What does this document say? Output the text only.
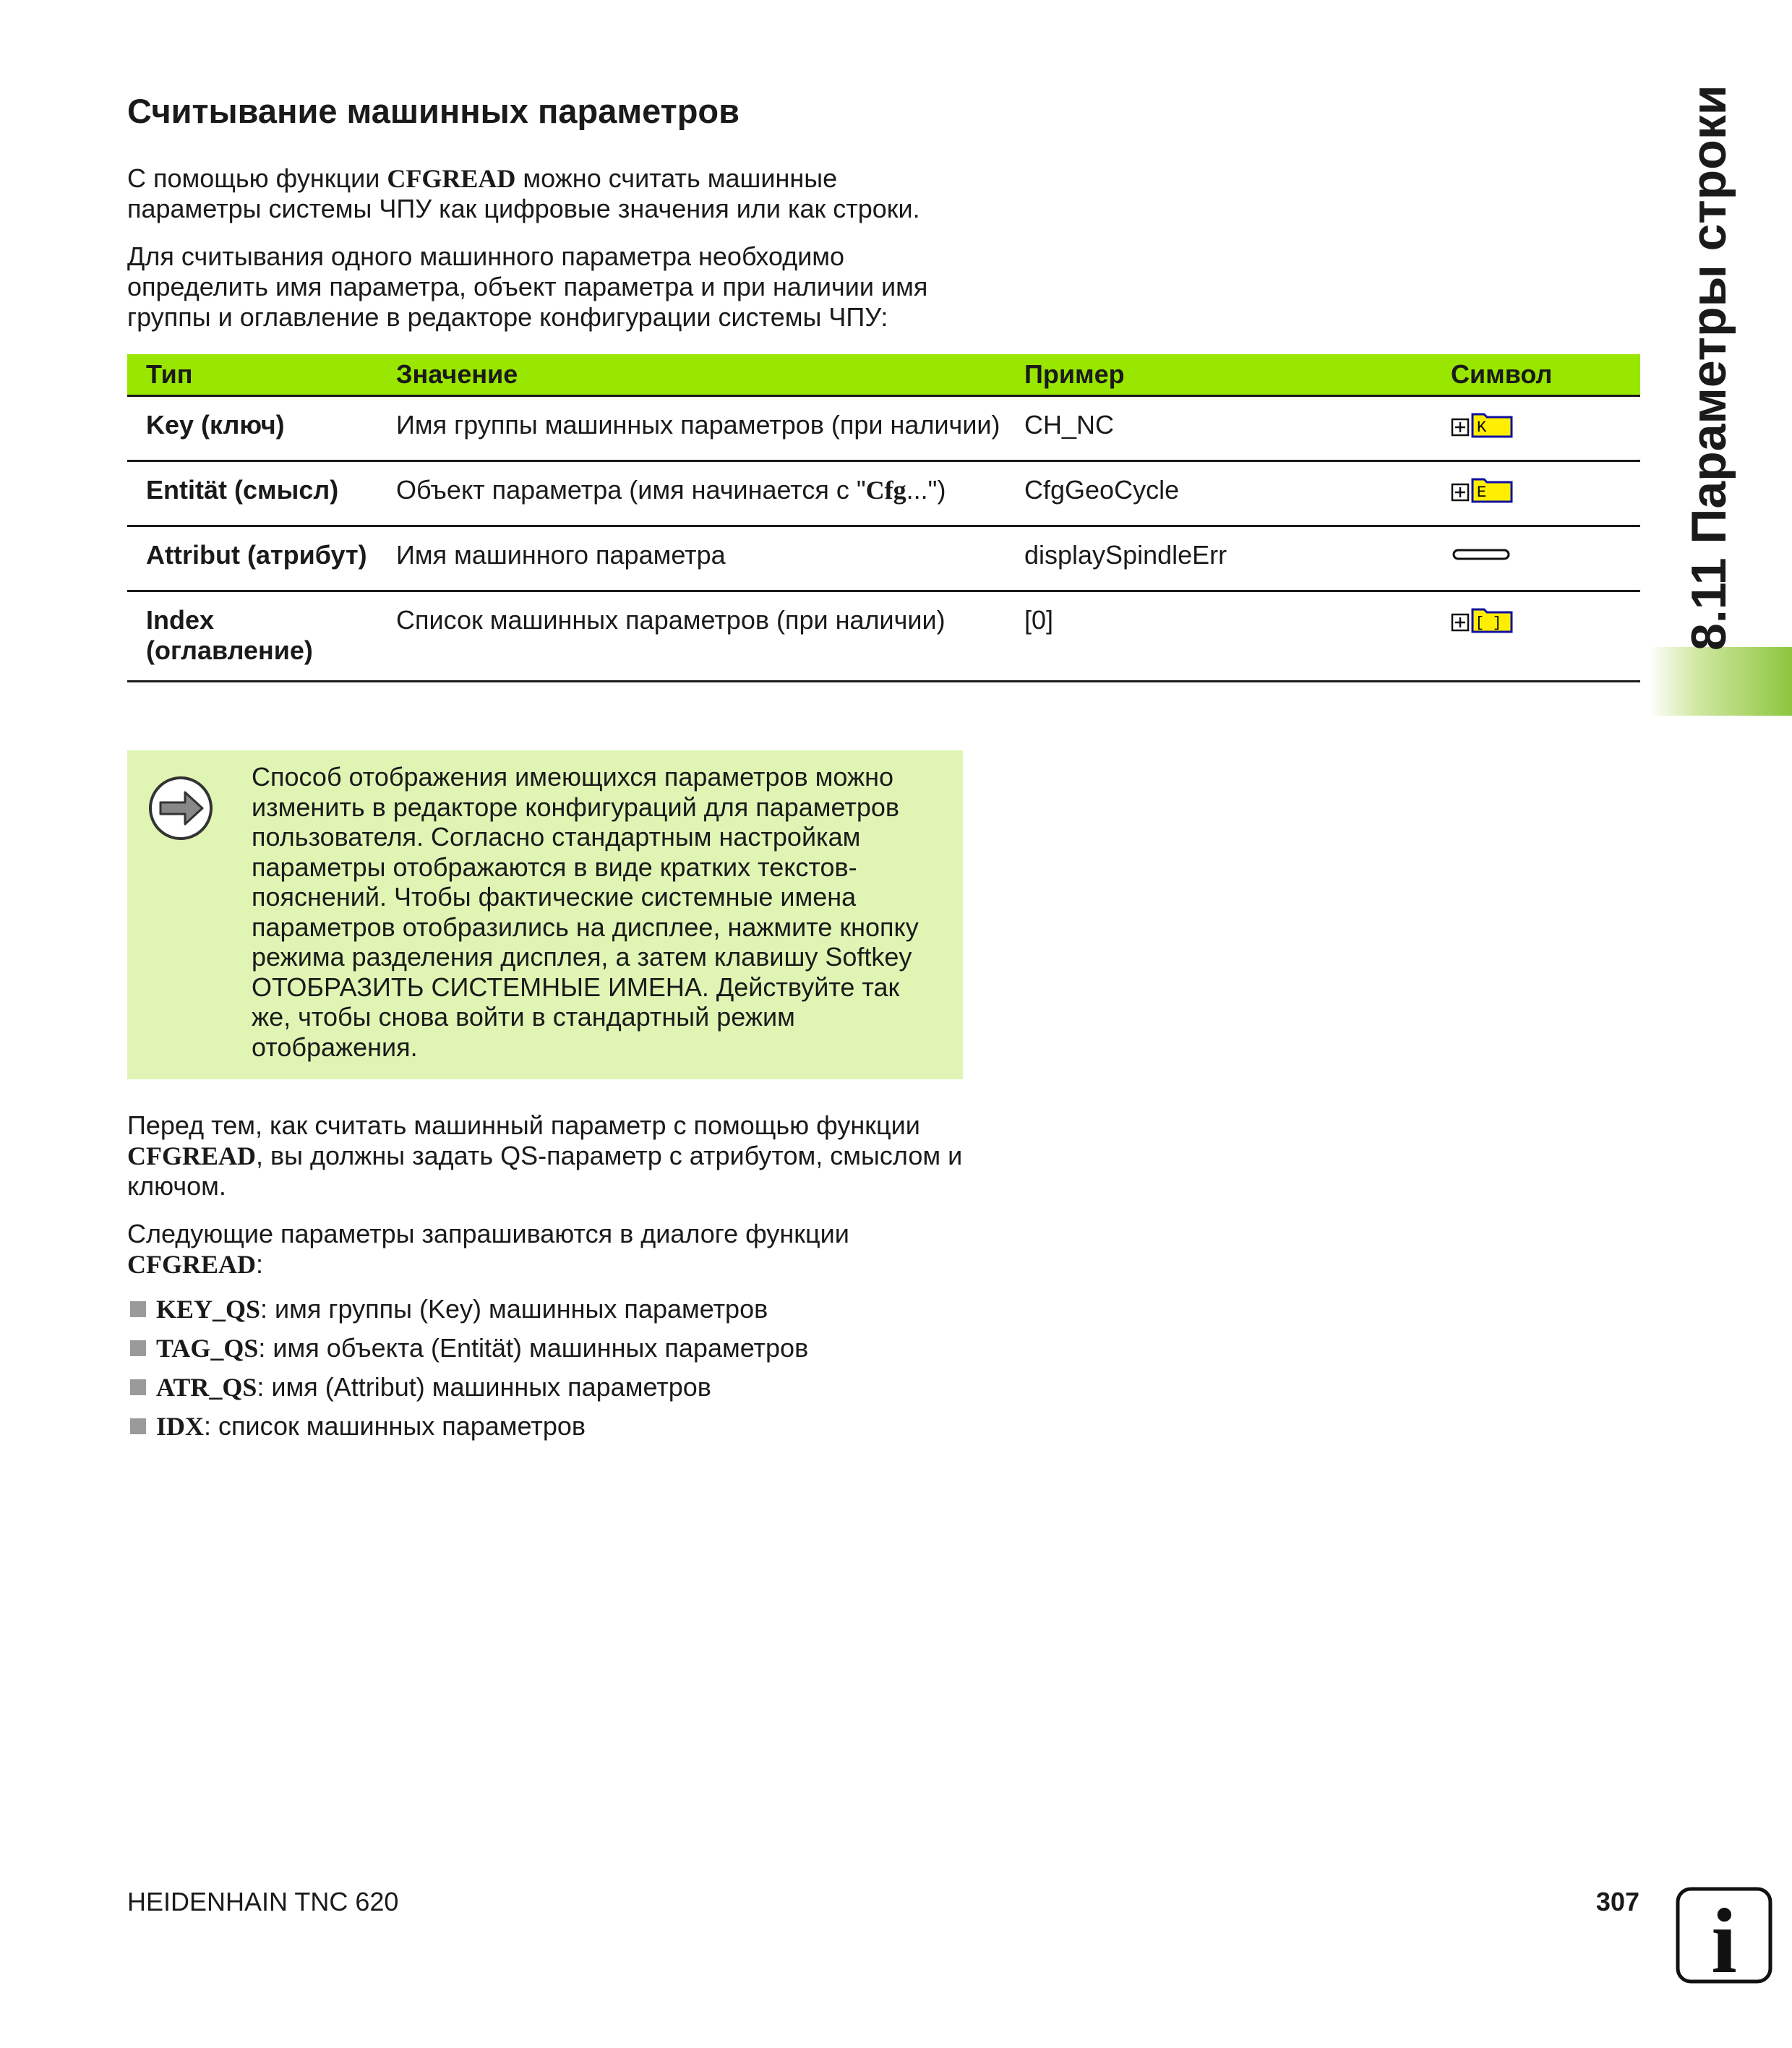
Считывание машинных параметров

С помощью функции CFGREAD можно считать машинные параметры системы ЧПУ как цифровые значения или как строки.

Для считывания одного машинного параметра необходимо определить имя параметра, объект параметра и при наличии имя группы и оглавление в редакторе конфигурации системы ЧПУ:

Тип	Значение	Пример	Символ
Key (ключ)	Имя группы машинных параметров (при наличии)	CH_NC	K

Entität (смысл)	Объект параметра (имя начинается с "Cfg...")	CfgGeoCycle	E

Attribut (атрибут)	Имя машинного параметра	displaySpindleErr	
Index (оглавление)	Список машинных параметров (при наличии)	[0]	[ ]

Способ отображения имеющихся параметров можно изменить в редакторе конфигураций для параметров пользователя. Согласно стандартным настройкам параметры отображаются в виде кратких текстов-пояснений. Чтобы фактические системные имена параметров отобразились на дисплее, нажмите кнопку режима разделения дисплея, а затем клавишу Softkey ОТОБРАЗИТЬ СИСТЕМНЫЕ ИМЕНА. Действуйте так же, чтобы снова войти в стандартный режим отображения.

Перед тем, как считать машинный параметр с помощью функции CFGREAD, вы должны задать QS-параметр с атрибутом, смыслом и ключом.

Следующие параметры запрашиваются в диалоге функции CFGREAD:

KEY_QS: имя группы (Key) машинных параметров
TAG_QS: имя объекта (Entität) машинных параметров
ATR_QS: имя (Attribut) машинных параметров
IDX: список машинных параметров
8.11 Параметры строки
HEIDENHAIN TNC 620	307 i
